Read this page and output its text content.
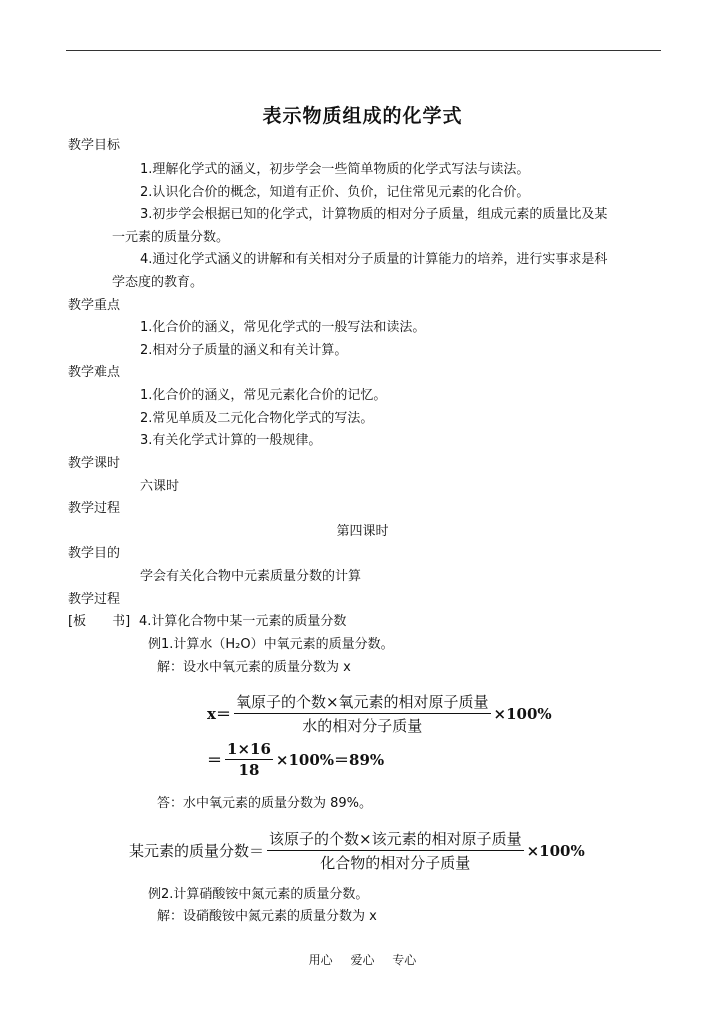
表示物质组成的化学式
教学目标
1.理解化学式的涵义，初步学会一些简单物质的化学式写法与读法。
2.认识化合价的概念，知道有正价、负价，记住常见元素的化合价。
3.初步学会根据已知的化学式，计算物质的相对分子质量，组成元素的质量比及某
一元素的质量分数。
4.通过化学式涵义的讲解和有关相对分子质量的计算能力的培养，进行实事求是科
学态度的教育。
教学重点
1.化合价的涵义，常见化学式的一般写法和读法。
2.相对分子质量的涵义和有关计算。
教学难点
1.化合价的涵义，常见元素化合价的记忆。
2.常见单质及二元化合物化学式的写法。
3.有关化学式计算的一般规律。
教学课时
六课时
教学过程
第四课时
教学目的
学会有关化合物中元素质量分数的计算
教学过程
[板　　书] 4.计算化合物中某一元素的质量分数
例1.计算水（H₂O）中氧元素的质量分数。
解：设水中氧元素的质量分数为 x
$x= \frac{\text{氧原子的个数×氧元素的相对原子质量}}{\text{水的相对分子质量}} \times 100\%$
＝ $\frac{1\times 16}{18} \times 100\%=89\%$
答：水中氧元素的质量分数为 89%。
某元素的质量分数＝ $\frac{\text{该原子的个数×该元素的相对原子质量}}{\text{化合物的相对分子质量}} \times 100\%$
例2.计算硝酸铵中氮元素的质量分数。
解：设硝酸铵中氮元素的质量分数为 x
用心 爱心 专心
